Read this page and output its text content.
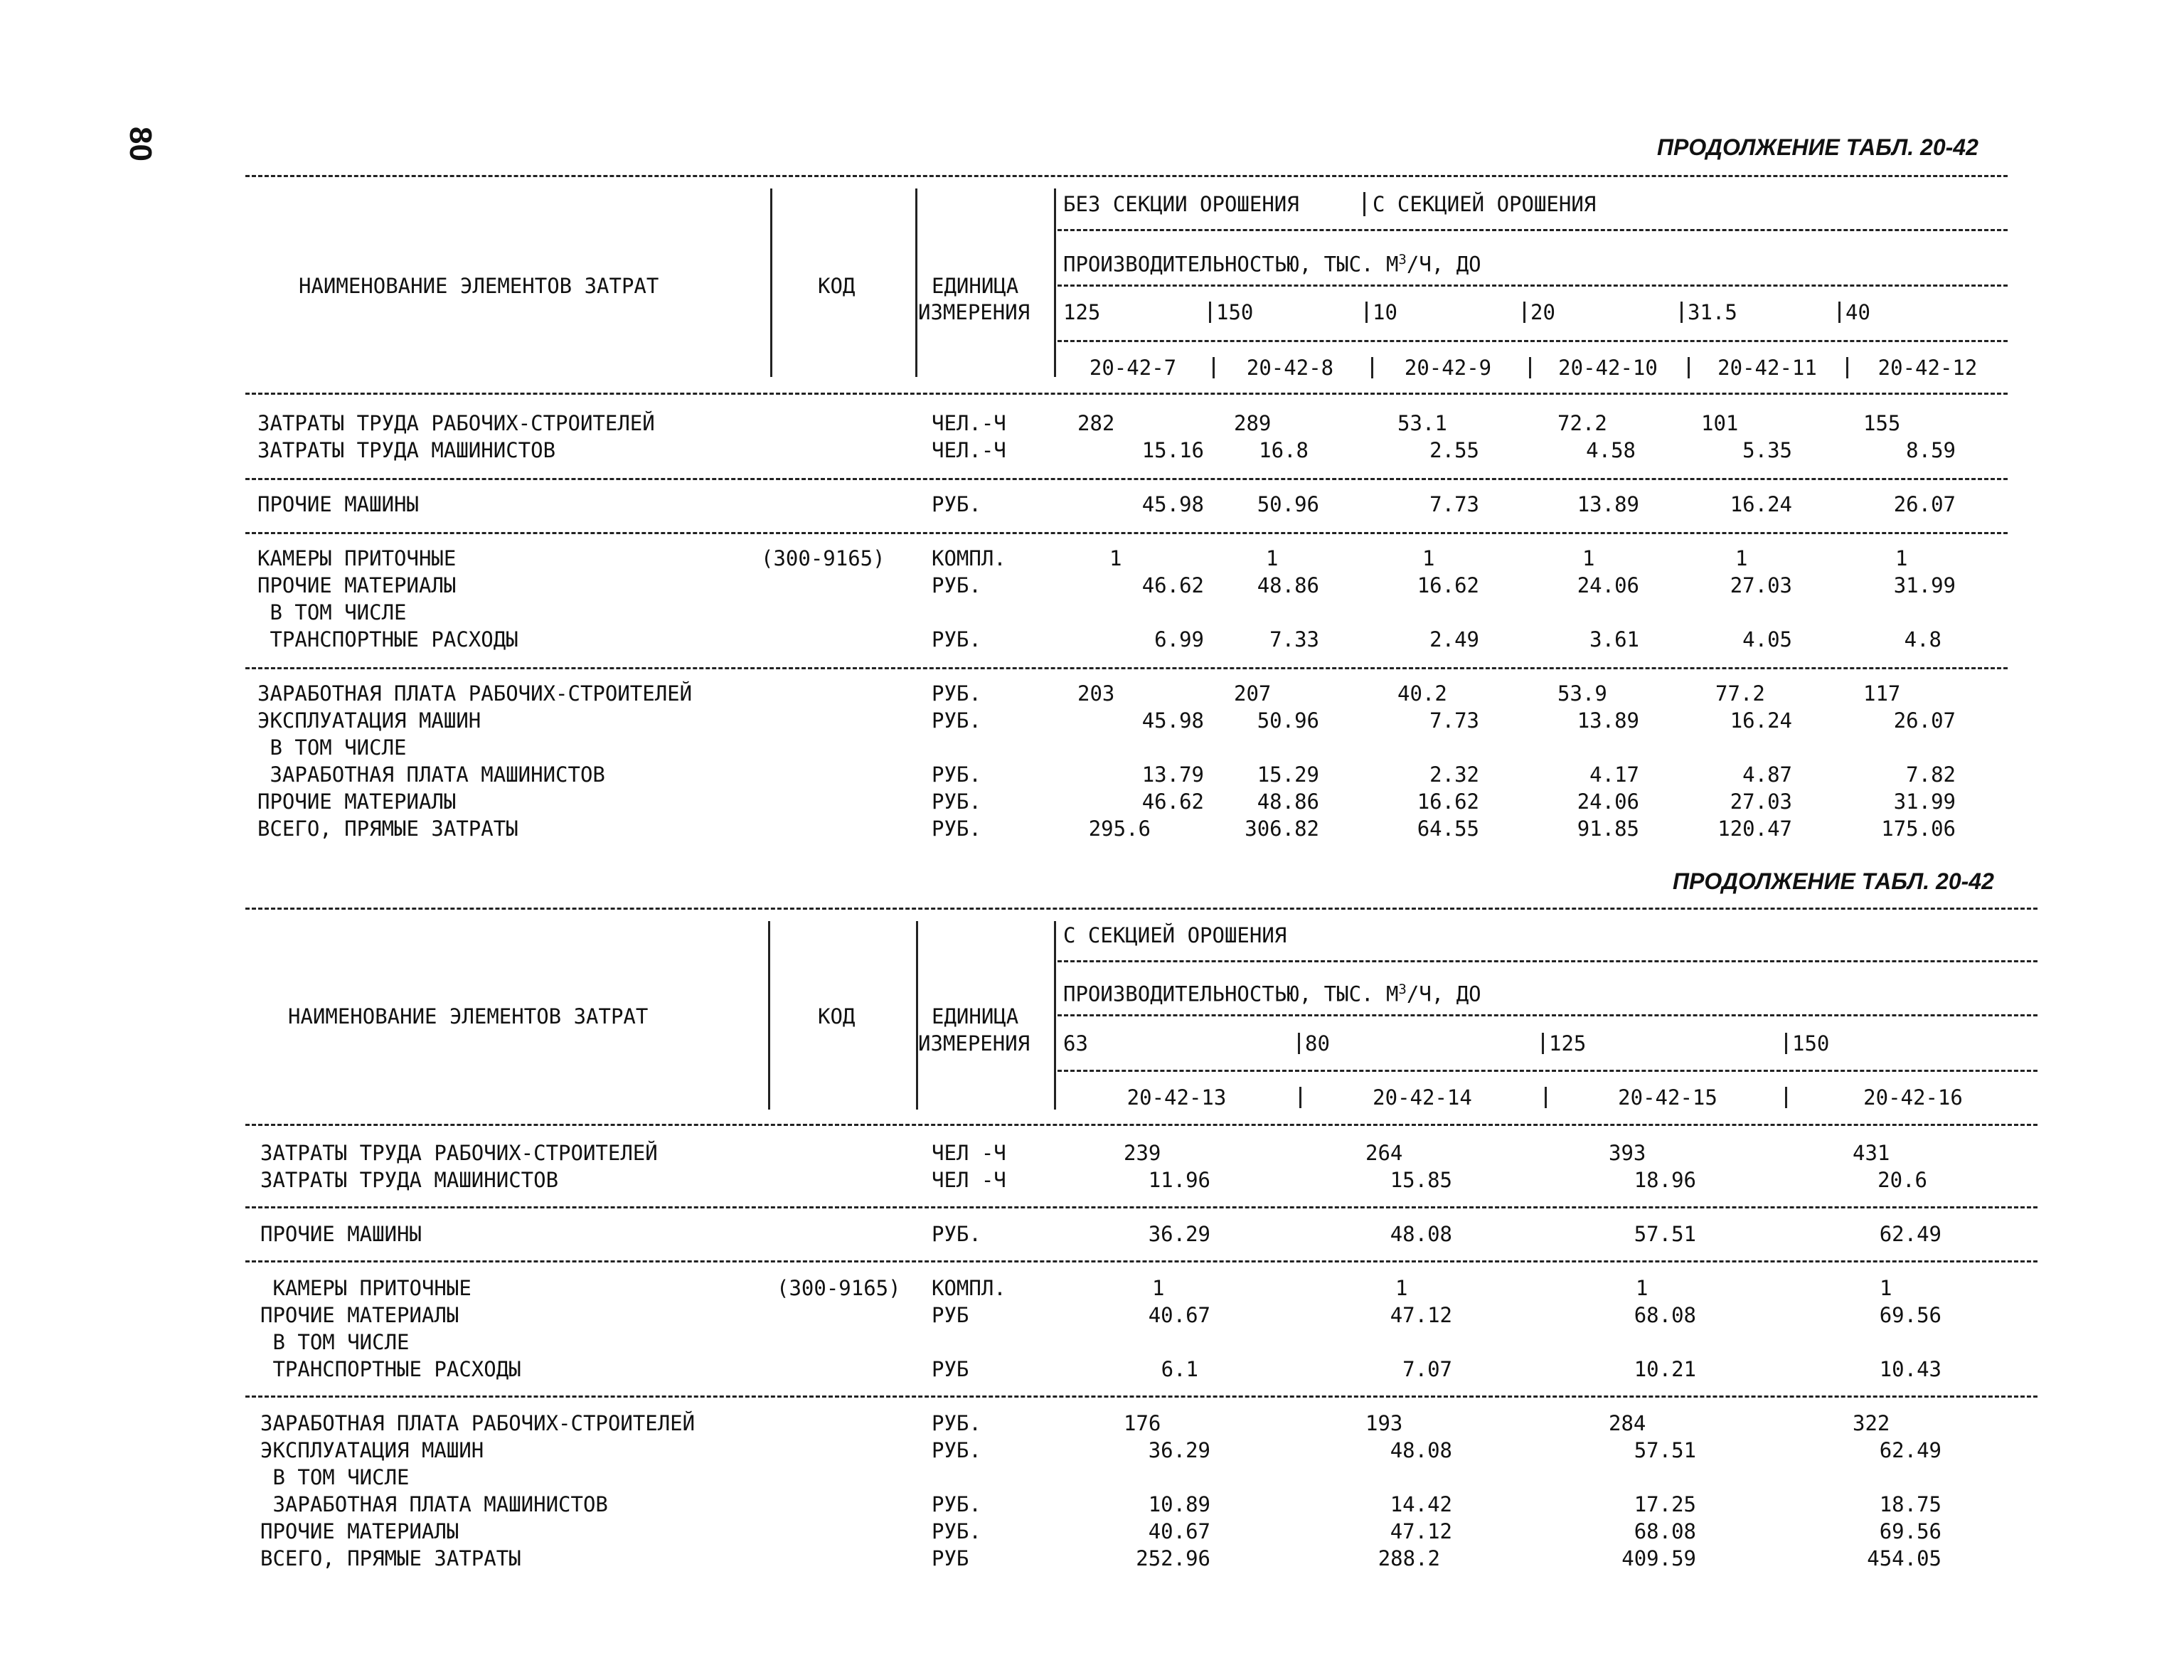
80	ПРОДОЛЖЕНИЕ ТАБЛ. 20-42
НАИМЕНОВАНИЕ ЭЛЕМЕНТОВ ЗАТРАТ	КОД	ЕДИНИЦА
ИЗМЕРЕНИЯ
БЕЗ СЕКЦИИ ОРОШЕНИЯ	С СЕКЦИЕЙ ОРОШЕНИЯ
ПРОИЗВОДИТЕЛЬНОСТЬЮ, ТЫС. $М^3/Ч$, ДО
125	150	10	20	31.5	40
20-42-7	20-42-8	20-42-9	20-42-10	20-42-11	20-42-12
ЗАТРАТЫ ТРУДА РАБОЧИХ-СТРОИТЕЛЕЙ	ЧЕЛ.-Ч	282	289	53.1	72.2	101	155
ЗАТРАТЫ ТРУДА МАШИНИСТОВ	ЧЕЛ.-Ч	15.16	16.8	2.55	4.58	5.35	8.59
ПРОЧИЕ МАШИНЫ	РУБ.	45.98	50.96	7.73	13.89	16.24	26.07
КАМЕРЫ ПРИТОЧНЫЕ	(300-9165) КОМПЛ.	1	1	1	1	1	1
ПРОЧИЕ МАТЕРИАЛЫ	РУБ.	46.62	48.86	16.62	24.06	27.03	31.99
В ТОМ ЧИСЛЕ
ТРАНСПОРТНЫЕ РАСХОДЫ	РУБ.	6.99	7.33	2.49	3.61	4.05	4.8
ЗАРАБОТНАЯ ПЛАТА РАБОЧИХ-СТРОИТЕЛЕЙ	РУБ.	203	207	40.2	53.9	77.2	117
ЭКСПЛУАТАЦИЯ МАШИН	РУБ.	45.98	50.96	7.73	13.89	16.24	26.07
В ТОМ ЧИСЛЕ
ЗАРАБОТНАЯ ПЛАТА МАШИНИСТОВ	РУБ.	13.79	15.29	2.32	4.17	4.87	7.82
ПРОЧИЕ МАТЕРИАЛЫ	РУБ.	46.62	48.86	16.62	24.06	27.03	31.99
ВСЕГО, ПРЯМЫЕ ЗАТРАТЫ	РУБ.	295.6	306.82	64.55	91.85	120.47	175.06
ПРОДОЛЖЕНИЕ ТАБЛ. 20-42
НАИМЕНОВАНИЕ ЭЛЕМЕНТОВ ЗАТРАТ	КОД	ЕДИНИЦА
ИЗМЕРЕНИЯ
С СЕКЦИЕЙ ОРОШЕНИЯ
ПРОИЗВОДИТЕЛЬНОСТЬЮ, ТЫС. $М^3/Ч$, ДО
63	80	125	150
20-42-13	20-42-14	20-42-15	20-42-16
ЗАТРАТЫ ТРУДА РАБОЧИХ-СТРОИТЕЛЕЙ	ЧЕЛ -Ч	239	264	393	431
ЗАТРАТЫ ТРУДА МАШИНИСТОВ	ЧЕЛ -Ч	11.96	15.85	18.96	20.6
ПРОЧИЕ МАШИНЫ	РУБ.	36.29	48.08	57.51	62.49
КАМЕРЫ ПРИТОЧНЫЕ	(300-9165) КОМПЛ.	1	1	1	1
ПРОЧИЕ МАТЕРИАЛЫ	РУБ	40.67	47.12	68.08	69.56
В ТОМ ЧИСЛЕ
ТРАНСПОРТНЫЕ РАСХОДЫ	РУБ	6.1	7.07	10.21	10.43
ЗАРАБОТНАЯ ПЛАТА РАБОЧИХ-СТРОИТЕЛЕЙ	РУБ.	176	193	284	322
ЭКСПЛУАТАЦИЯ МАШИН	РУБ.	36.29	48.08	57.51	62.49
В ТОМ ЧИСЛЕ
ЗАРАБОТНАЯ ПЛАТА МАШИНИСТОВ	РУБ.	10.89	14.42	17.25	18.75
ПРОЧИЕ МАТЕРИАЛЫ	РУБ.	40.67	47.12	68.08	69.56
ВСЕГО, ПРЯМЫЕ ЗАТРАТЫ	РУБ	252.96	288.2	409.59	454.05
